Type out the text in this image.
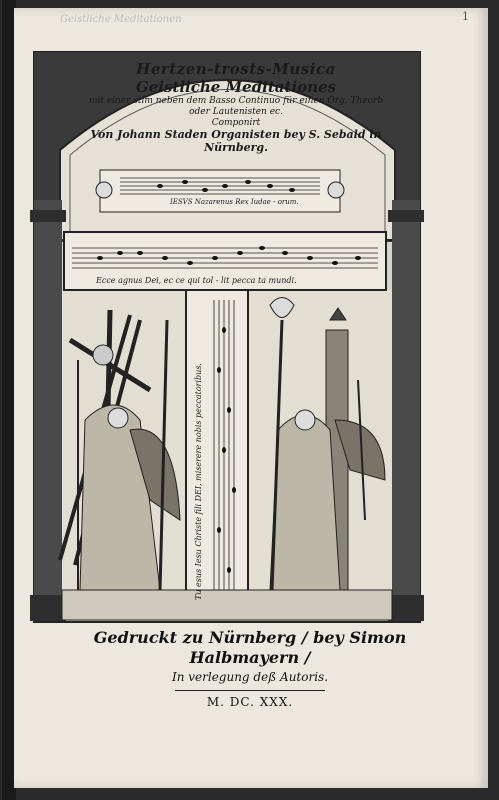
Geistliche Meditationen	1
Hertzen-trosts-Musica
Geistliche Meditationes
mit einer stim neben dem Basso Continuo für einen Org. Theorb oder Lautenisten ec.
Componirt
Von Johann Staden Organisten bey S. Sebald in Nürnberg.
IESVS Nazarenus Rex Iudae - orum.
Ecce agnus Dei, ec ce qui tol - lit pecca ta mundi.
Tu esus Iesu Christe fili DEI, miserere nobis peccatoribus.
Gedruckt zu Nürnberg / bey Simon
Halbmayern /
In verlegung deß Autoris.
M. DC. XXX.
